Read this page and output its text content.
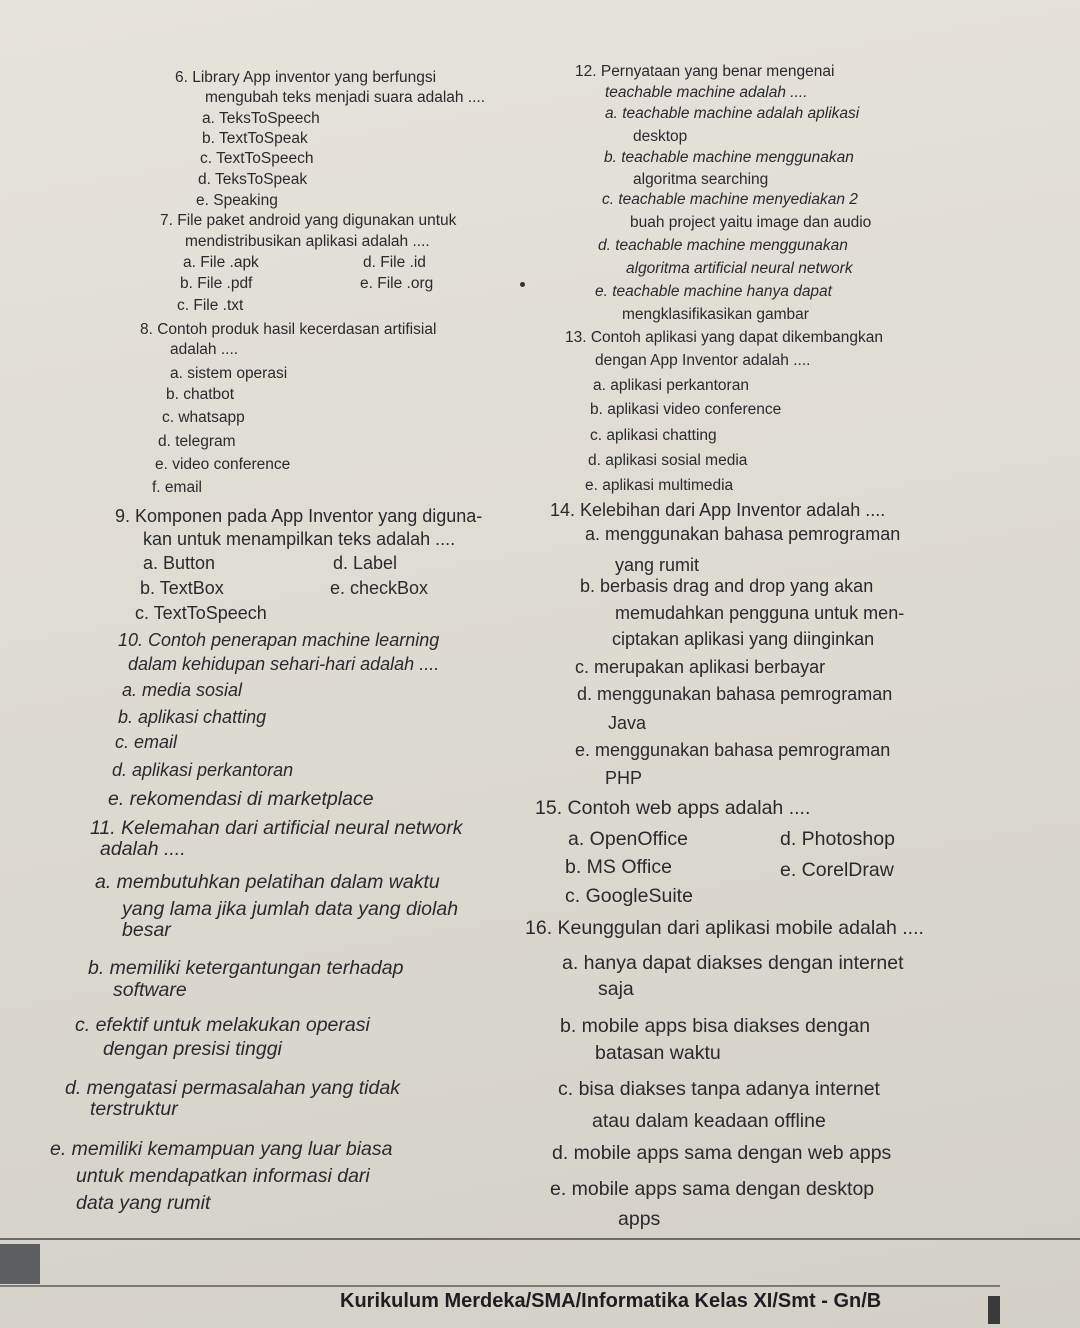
6. Library App inventor yang berfungsi
mengubah teks menjadi suara adalah ....
a. TeksToSpeech
b. TextToSpeak
c. TextToSpeech
d. TeksToSpeak
e. Speaking
7. File paket android yang digunakan untuk
mendistribusikan aplikasi adalah ....
a. File .apk	d. File .id
b. File .pdf	e. File .org
c. File .txt
8. Contoh produk hasil kecerdasan artifisial
adalah ....
a. sistem operasi
b. chatbot
c. whatsapp
d. telegram
e. video conference
f. email
9. Komponen pada App Inventor yang diguna-
kan untuk menampilkan teks adalah ....
a. Button	d. Label
b. TextBox	e. checkBox
c. TextToSpeech
10. Contoh penerapan machine learning
dalam kehidupan sehari-hari adalah ....
a. media sosial
b. aplikasi chatting
c. email
d. aplikasi perkantoran
e. rekomendasi di marketplace
11. Kelemahan dari artificial neural network
adalah ....
a. membutuhkan pelatihan dalam waktu
yang lama jika jumlah data yang diolah
besar
b. memiliki ketergantungan terhadap
software
c. efektif untuk melakukan operasi
dengan presisi tinggi
d. mengatasi permasalahan yang tidak
terstruktur
e. memiliki kemampuan yang luar biasa
untuk mendapatkan informasi dari
data yang rumit
12. Pernyataan yang benar mengenai
teachable machine adalah ....
a. teachable machine adalah aplikasi
desktop
b. teachable machine menggunakan
algoritma searching
c. teachable machine menyediakan 2
buah project yaitu image dan audio
d. teachable machine menggunakan
algoritma artificial neural network
e. teachable machine hanya dapat
mengklasifikasikan gambar
13. Contoh aplikasi yang dapat dikembangkan
dengan App Inventor adalah ....
a. aplikasi perkantoran
b. aplikasi video conference
c. aplikasi chatting
d. aplikasi sosial media
e. aplikasi multimedia
14. Kelebihan dari App Inventor adalah ....
a. menggunakan bahasa pemrograman
yang rumit
b. berbasis drag and drop yang akan
memudahkan pengguna untuk men-
ciptakan aplikasi yang diinginkan
c. merupakan aplikasi berbayar
d. menggunakan bahasa pemrograman
Java
e. menggunakan bahasa pemrograman
PHP
15. Contoh web apps adalah ....
a. OpenOffice	d. Photoshop
b. MS Office	e. CorelDraw
c. GoogleSuite
16. Keunggulan dari aplikasi mobile adalah ....
a. hanya dapat diakses dengan internet
saja
b. mobile apps bisa diakses dengan
batasan waktu
c. bisa diakses tanpa adanya internet
atau dalam keadaan offline
d. mobile apps sama dengan web apps
e. mobile apps sama dengan desktop
apps
Kurikulum Merdeka/SMA/Informatika Kelas XI/Smt - Gn/B
